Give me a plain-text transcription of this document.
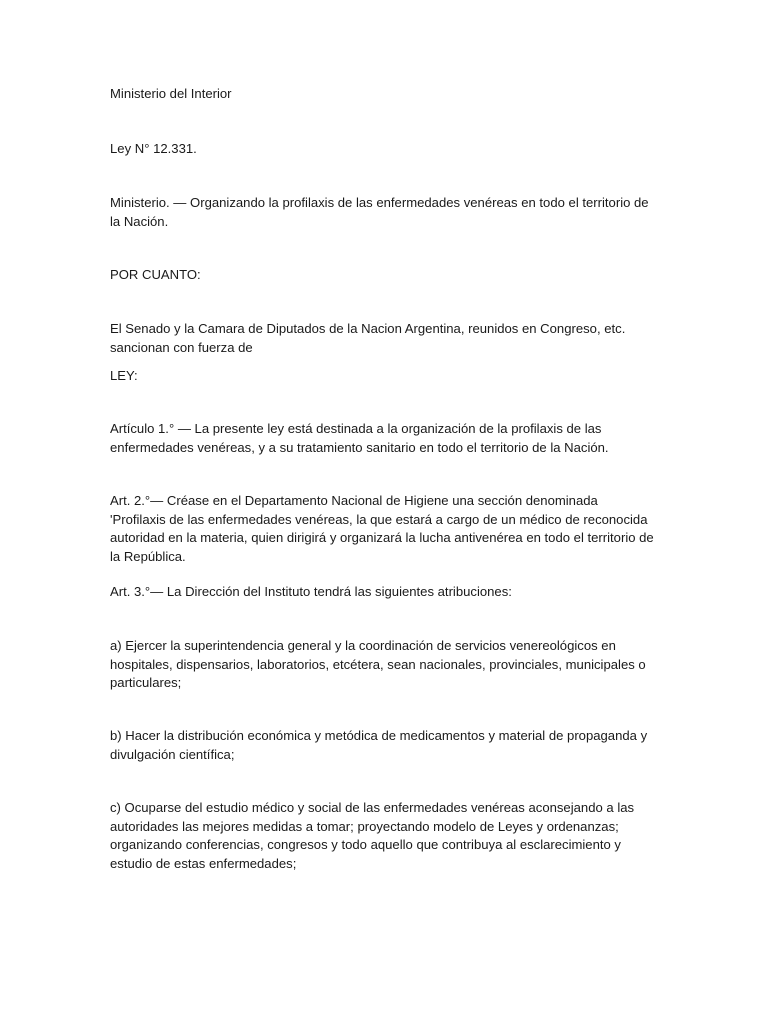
Ministerio del Interior

Ley N° 12.331.

Ministerio. — Organizando la profilaxis de las enfermedades venéreas en todo el territorio de la Nación.

POR CUANTO:

El Senado y la Camara de Diputados de la Nacion Argentina, reunidos en Congreso, etc. sancionan con fuerza de

LEY:

Artículo 1.° — La presente ley está destinada a la organización de la profilaxis de las enfermedades venéreas, y a su tratamiento sanitario en todo el territorio de la Nación.

Art. 2.°— Créase en el Departamento Nacional de Higiene una sección denominada 'Profilaxis de las enfermedades venéreas, la que estará a cargo de un médico de reconocida autoridad en la materia, quien dirigirá y organizará la lucha antivenérea en todo el territorio de la República.

Art. 3.°— La Dirección del Instituto tendrá las siguientes atribuciones:

a) Ejercer la superintendencia general y la coordinación de servicios venereológicos en hospitales, dispensarios, laboratorios, etcétera, sean nacionales, provinciales, municipales o particulares;

b) Hacer la distribución económica y metódica de medicamentos y material de propaganda y divulgación científica;

c) Ocuparse del estudio médico y social de las enfermedades venéreas aconsejando a las autoridades las mejores medidas a tomar; proyectando modelo de Leyes y ordenanzas; organizando conferencias, congresos y todo aquello que contribuya al esclarecimiento y estudio de estas enfermedades;
